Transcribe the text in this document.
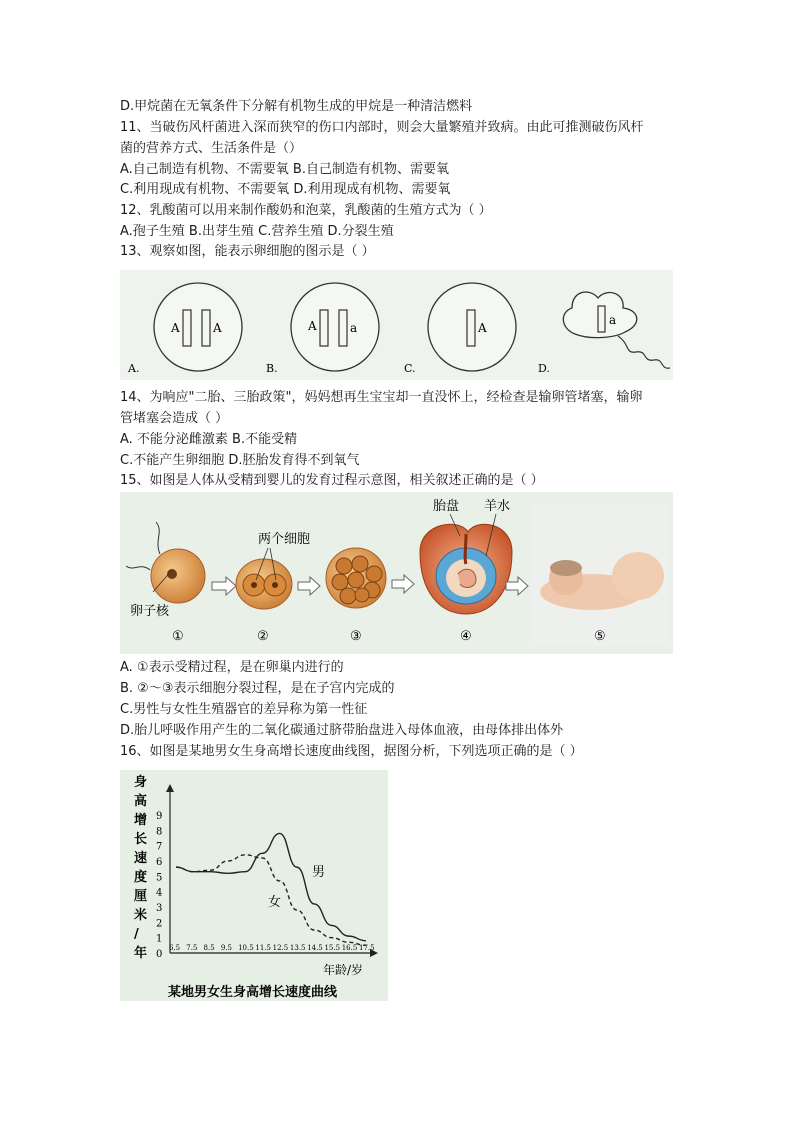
D.甲烷菌在无氧条件下分解有机物生成的甲烷是一种清洁燃料
11、当破伤风杆菌进入深而狭窄的伤口内部时，则会大量繁殖并致病。由此可推测破伤风杆
菌的营养方式、生活条件是（）
A.自己制造有机物、不需要氧 B.自己制造有机物、需要氧
C.利用现成有机物、不需要氧 D.利用现成有机物、需要氧
12、乳酸菌可以用来制作酸奶和泡菜，乳酸菌的生殖方式为（ ）
A.孢子生殖 B.出芽生殖 C.营养生殖 D.分裂生殖
13、观察如图，能表示卵细胞的图示是（ ）
A	A
A.
A	a
B.
A
C.
a
D.
14、为响应"二胎、三胎政策"，妈妈想再生宝宝却一直没怀上，经检查是输卵管堵塞，输卵
管堵塞会造成（ ）
A. 不能分泌雌激素 B.不能受精
C.不能产生卵细胞 D.胚胎发育得不到氧气
15、如图是人体从受精到婴儿的发育过程示意图，相关叙述正确的是（ ）
卵子核
①
两个细胞
②	③
胎盘 羊水
④	⑤
A. ①表示受精过程，是在卵巢内进行的
B. ②～③表示细胞分裂过程，是在子宫内完成的
C.男性与女性生殖器官的差异称为第一性征
D.胎儿呼吸作用产生的二氧化碳通过脐带胎盘进入母体血液，由母体排出体外
16、如图是某地男女生身高增长速度曲线图，据图分析，下列选项正确的是（ ）
身
高
增
长
速
度
厘
米
/
年 0
1
2
3
4
5
6
7
8
9
6.5 7.5 8.5 9.5 10.5 11.5 12.5 13.5 14.5 15.5 16.5 17.5
男
女
年龄/岁
某地男女生身高增长速度曲线
